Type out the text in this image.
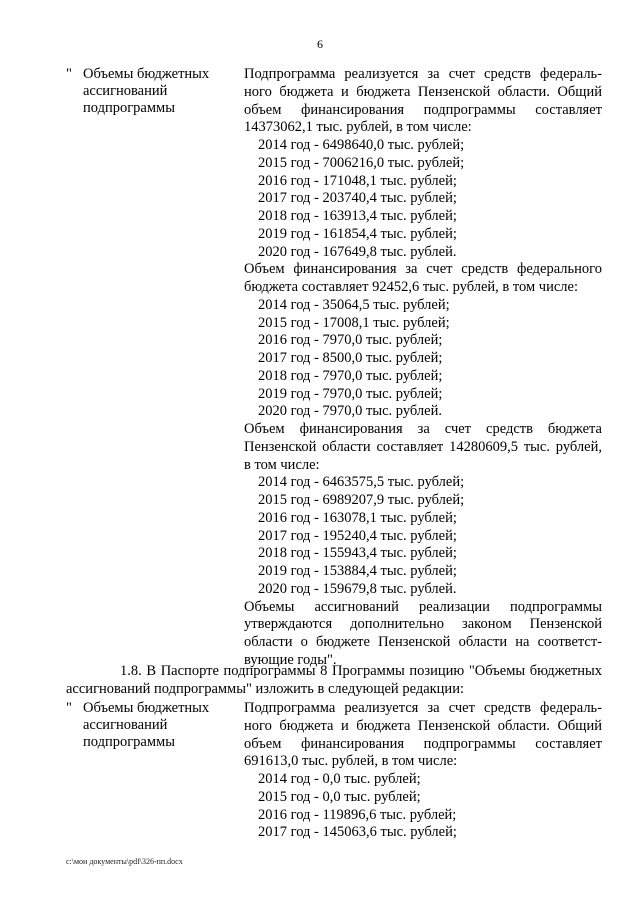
6
" Объемы бюджетных
ассигнований
подпрограммы

Подпрограмма реализуется за счет средств федераль-

ного бюджета и бюджета Пензенской области. Общий

объем финансирования подпрограммы составляет

14373062,1 тыс. рублей, в том числе:

2014 год - 6498640,0 тыс. рублей;

2015 год - 7006216,0 тыс. рублей;

2016 год - 171048,1 тыс. рублей;

2017 год - 203740,4 тыс. рублей;

2018 год - 163913,4 тыс. рублей;

2019 год - 161854,4 тыс. рублей;

2020 год - 167649,8 тыс. рублей.

Объем финансирования за счет средств федерального

бюджета составляет 92452,6 тыс. рублей, в том числе:

2014 год - 35064,5 тыс. рублей;

2015 год - 17008,1 тыс. рублей;

2016 год - 7970,0 тыс. рублей;

2017 год - 8500,0 тыс. рублей;

2018 год - 7970,0 тыс. рублей;

2019 год - 7970,0 тыс. рублей;

2020 год - 7970,0 тыс. рублей.

Объем финансирования за счет средств бюджета

Пензенской области составляет 14280609,5 тыс. рублей,

в том числе:

2014 год - 6463575,5 тыс. рублей;

2015 год - 6989207,9 тыс. рублей;

2016 год - 163078,1 тыс. рублей;

2017 год - 195240,4 тыс. рублей;

2018 год - 155943,4 тыс. рублей;

2019 год - 153884,4 тыс. рублей;

2020 год - 159679,8 тыс. рублей.

Объемы ассигнований реализации подпрограммы

утверждаются дополнительно законом Пензенской

области о бюджете Пензенской области на соответст-

вующие годы".

1.8. В Паспорте подпрограммы 8 Программы позицию "Объемы бюджетных

ассигнований подпрограммы" изложить в следующей редакции:

" Объемы бюджетных
ассигнований
подпрограммы

Подпрограмма реализуется за счет средств федераль-

ного бюджета и бюджета Пензенской области. Общий

объем финансирования подпрограммы составляет

691613,0 тыс. рублей, в том числе:

2014 год - 0,0 тыс. рублей;

2015 год - 0,0 тыс. рублей;

2016 год - 119896,6 тыс. рублей;

2017 год - 145063,6 тыс. рублей;

c:\мои документы\pdf\326-пп.docx
